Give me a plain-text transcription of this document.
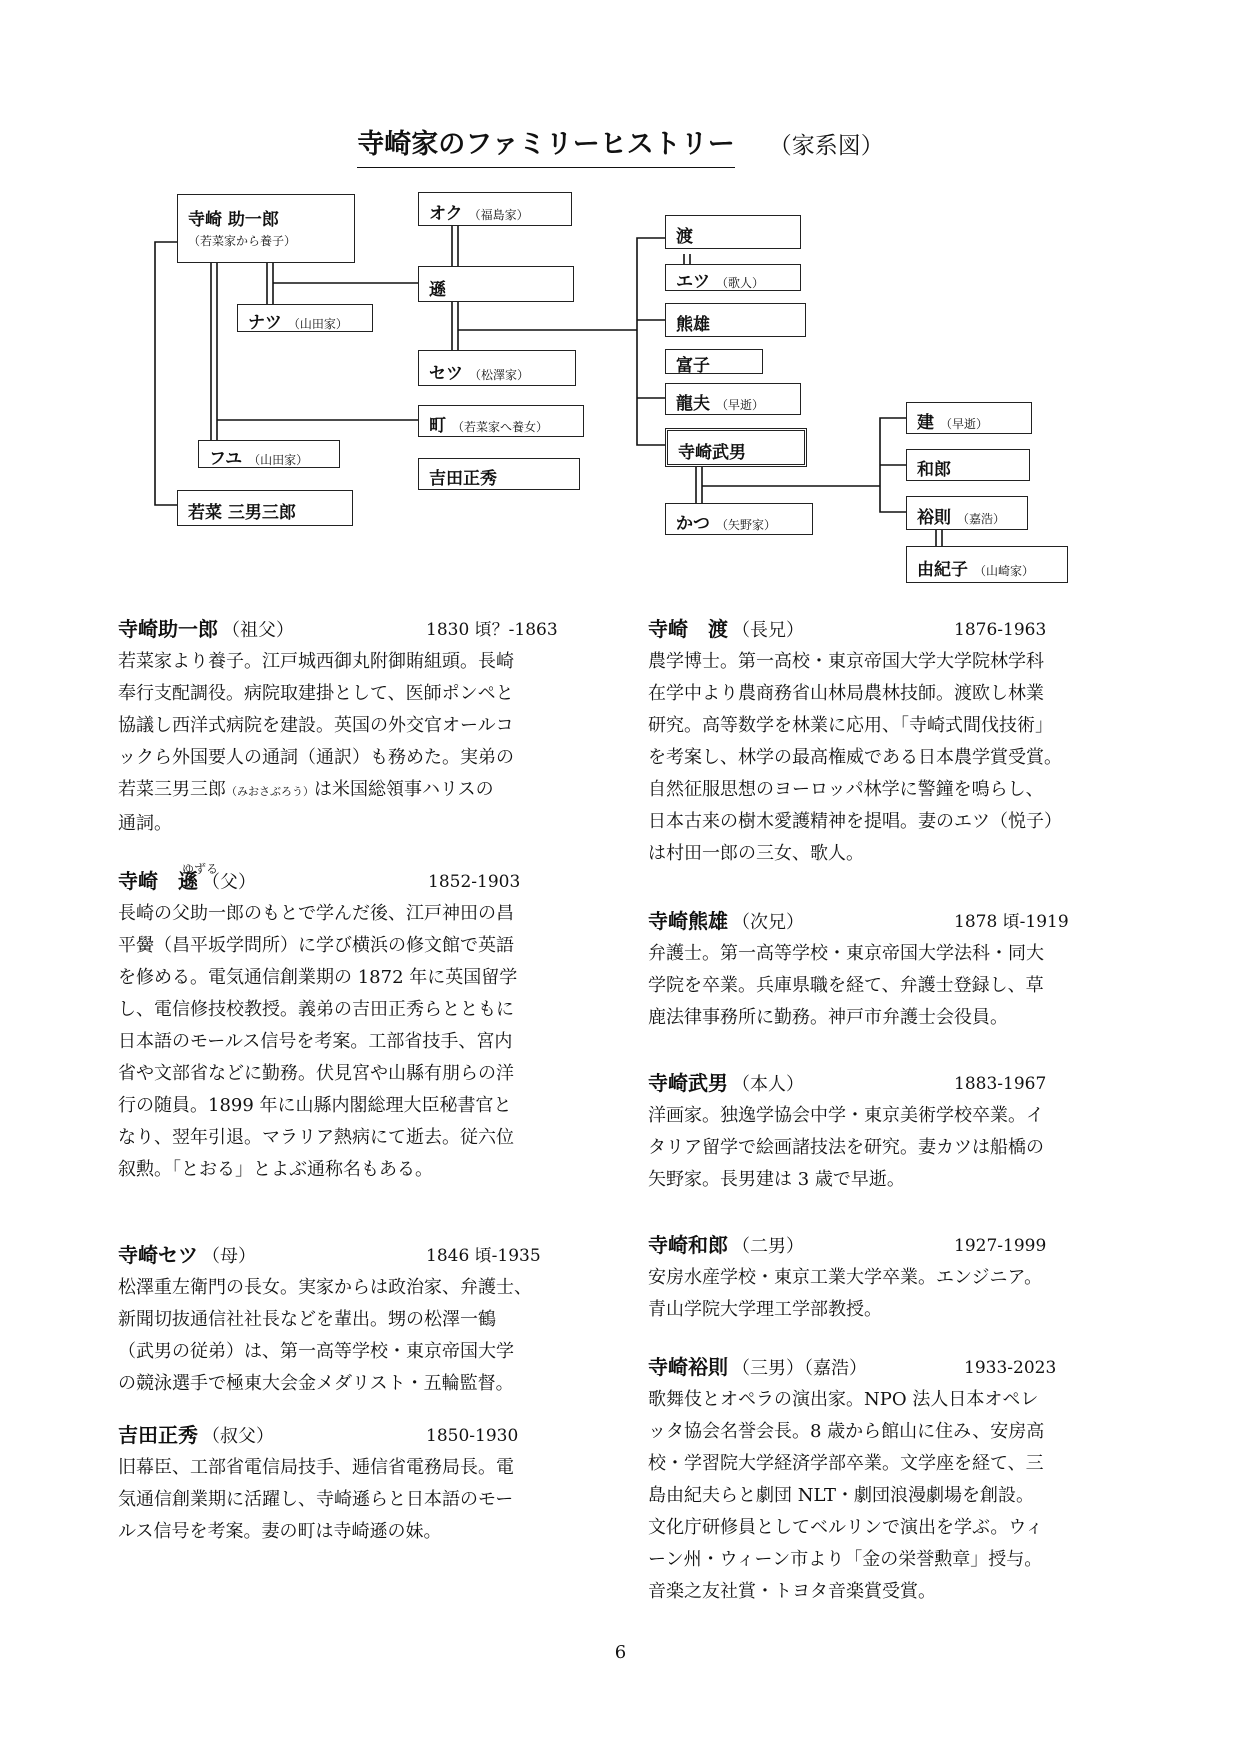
寺崎家のファミリーヒストリー （家系図）
寺崎 助一郎
（若菜家から養子）
ナツ （山田家）
フユ （山田家）
若菜 三男三郎
オク （福島家）
遜
セツ （松澤家）
町 （若菜家へ養女）
吉田正秀
渡
エツ （歌人）
熊雄
富子
龍夫 （早逝）
寺崎武男
かつ （矢野家）
建 （早逝）
和郎
裕則 （嘉浩）
由紀子 （山崎家）
寺崎助一郎 （祖父）	1830 頃？-1863
若菜家より養子。江戸城西御丸附御賄組頭。長崎
奉行支配調役。病院取建掛として、医師ポンペと
協議し西洋式病院を建設。英国の外交官オールコ
ックら外国要人の通詞（通訳）も務めた。実弟の
若菜三男三郎（みおさぶろう）は米国総領事ハリスの
通詞。
ゆずる
寺崎　遜 （父）	1852-1903
長崎の父助一郎のもとで学んだ後、江戸神田の昌
平黌（昌平坂学問所）に学び横浜の修文館で英語
を修める。電気通信創業期の 1872 年に英国留学
し、電信修技校教授。義弟の吉田正秀らとともに
日本語のモールス信号を考案。工部省技手、宮内
省や文部省などに勤務。伏見宮や山縣有朋らの洋
行の随員。1899 年に山縣内閣総理大臣秘書官と
なり、翌年引退。マラリア熱病にて逝去。従六位
叙勲。「とおる」とよぶ通称名もある。
寺崎セツ （母）	1846 頃-1935
松澤重左衛門の長女。実家からは政治家、弁護士、
新聞切抜通信社社長などを輩出。甥の松澤一鶴
（武男の従弟）は、第一高等学校・東京帝国大学
の競泳選手で極東大会金メダリスト・五輪監督。
吉田正秀 （叔父）	1850-1930
旧幕臣、工部省電信局技手、逓信省電務局長。電
気通信創業期に活躍し、寺崎遜らと日本語のモー
ルス信号を考案。妻の町は寺崎遜の妹。
寺崎　渡 （長兄）	1876-1963
農学博士。第一高校・東京帝国大学大学院林学科
在学中より農商務省山林局農林技師。渡欧し林業
研究。高等数学を林業に応用、「寺崎式間伐技術」
を考案し、林学の最高権威である日本農学賞受賞。
自然征服思想のヨーロッパ林学に警鐘を鳴らし、
日本古来の樹木愛護精神を提唱。妻のエツ（悦子）
は村田一郎の三女、歌人。
寺崎熊雄 （次兄）	1878 頃-1919
弁護士。第一高等学校・東京帝国大学法科・同大
学院を卒業。兵庫県職を経て、弁護士登録し、草
鹿法律事務所に勤務。神戸市弁護士会役員。
寺崎武男 （本人）	1883-1967
洋画家。独逸学協会中学・東京美術学校卒業。イ
タリア留学で絵画諸技法を研究。妻カツは船橋の
矢野家。長男建は 3 歳で早逝。
寺崎和郎 （二男）	1927-1999
安房水産学校・東京工業大学卒業。エンジニア。
青山学院大学理工学部教授。
寺崎裕則 （三男）（嘉浩）	1933-2023
歌舞伎とオペラの演出家。NPO 法人日本オペレ
ッタ協会名誉会長。8 歳から館山に住み、安房高
校・学習院大学経済学部卒業。文学座を経て、三
島由紀夫らと劇団 NLT・劇団浪漫劇場を創設。
文化庁研修員としてベルリンで演出を学ぶ。ウィ
ーン州・ウィーン市より「金の栄誉勲章」授与。
音楽之友社賞・トヨタ音楽賞受賞。
6
